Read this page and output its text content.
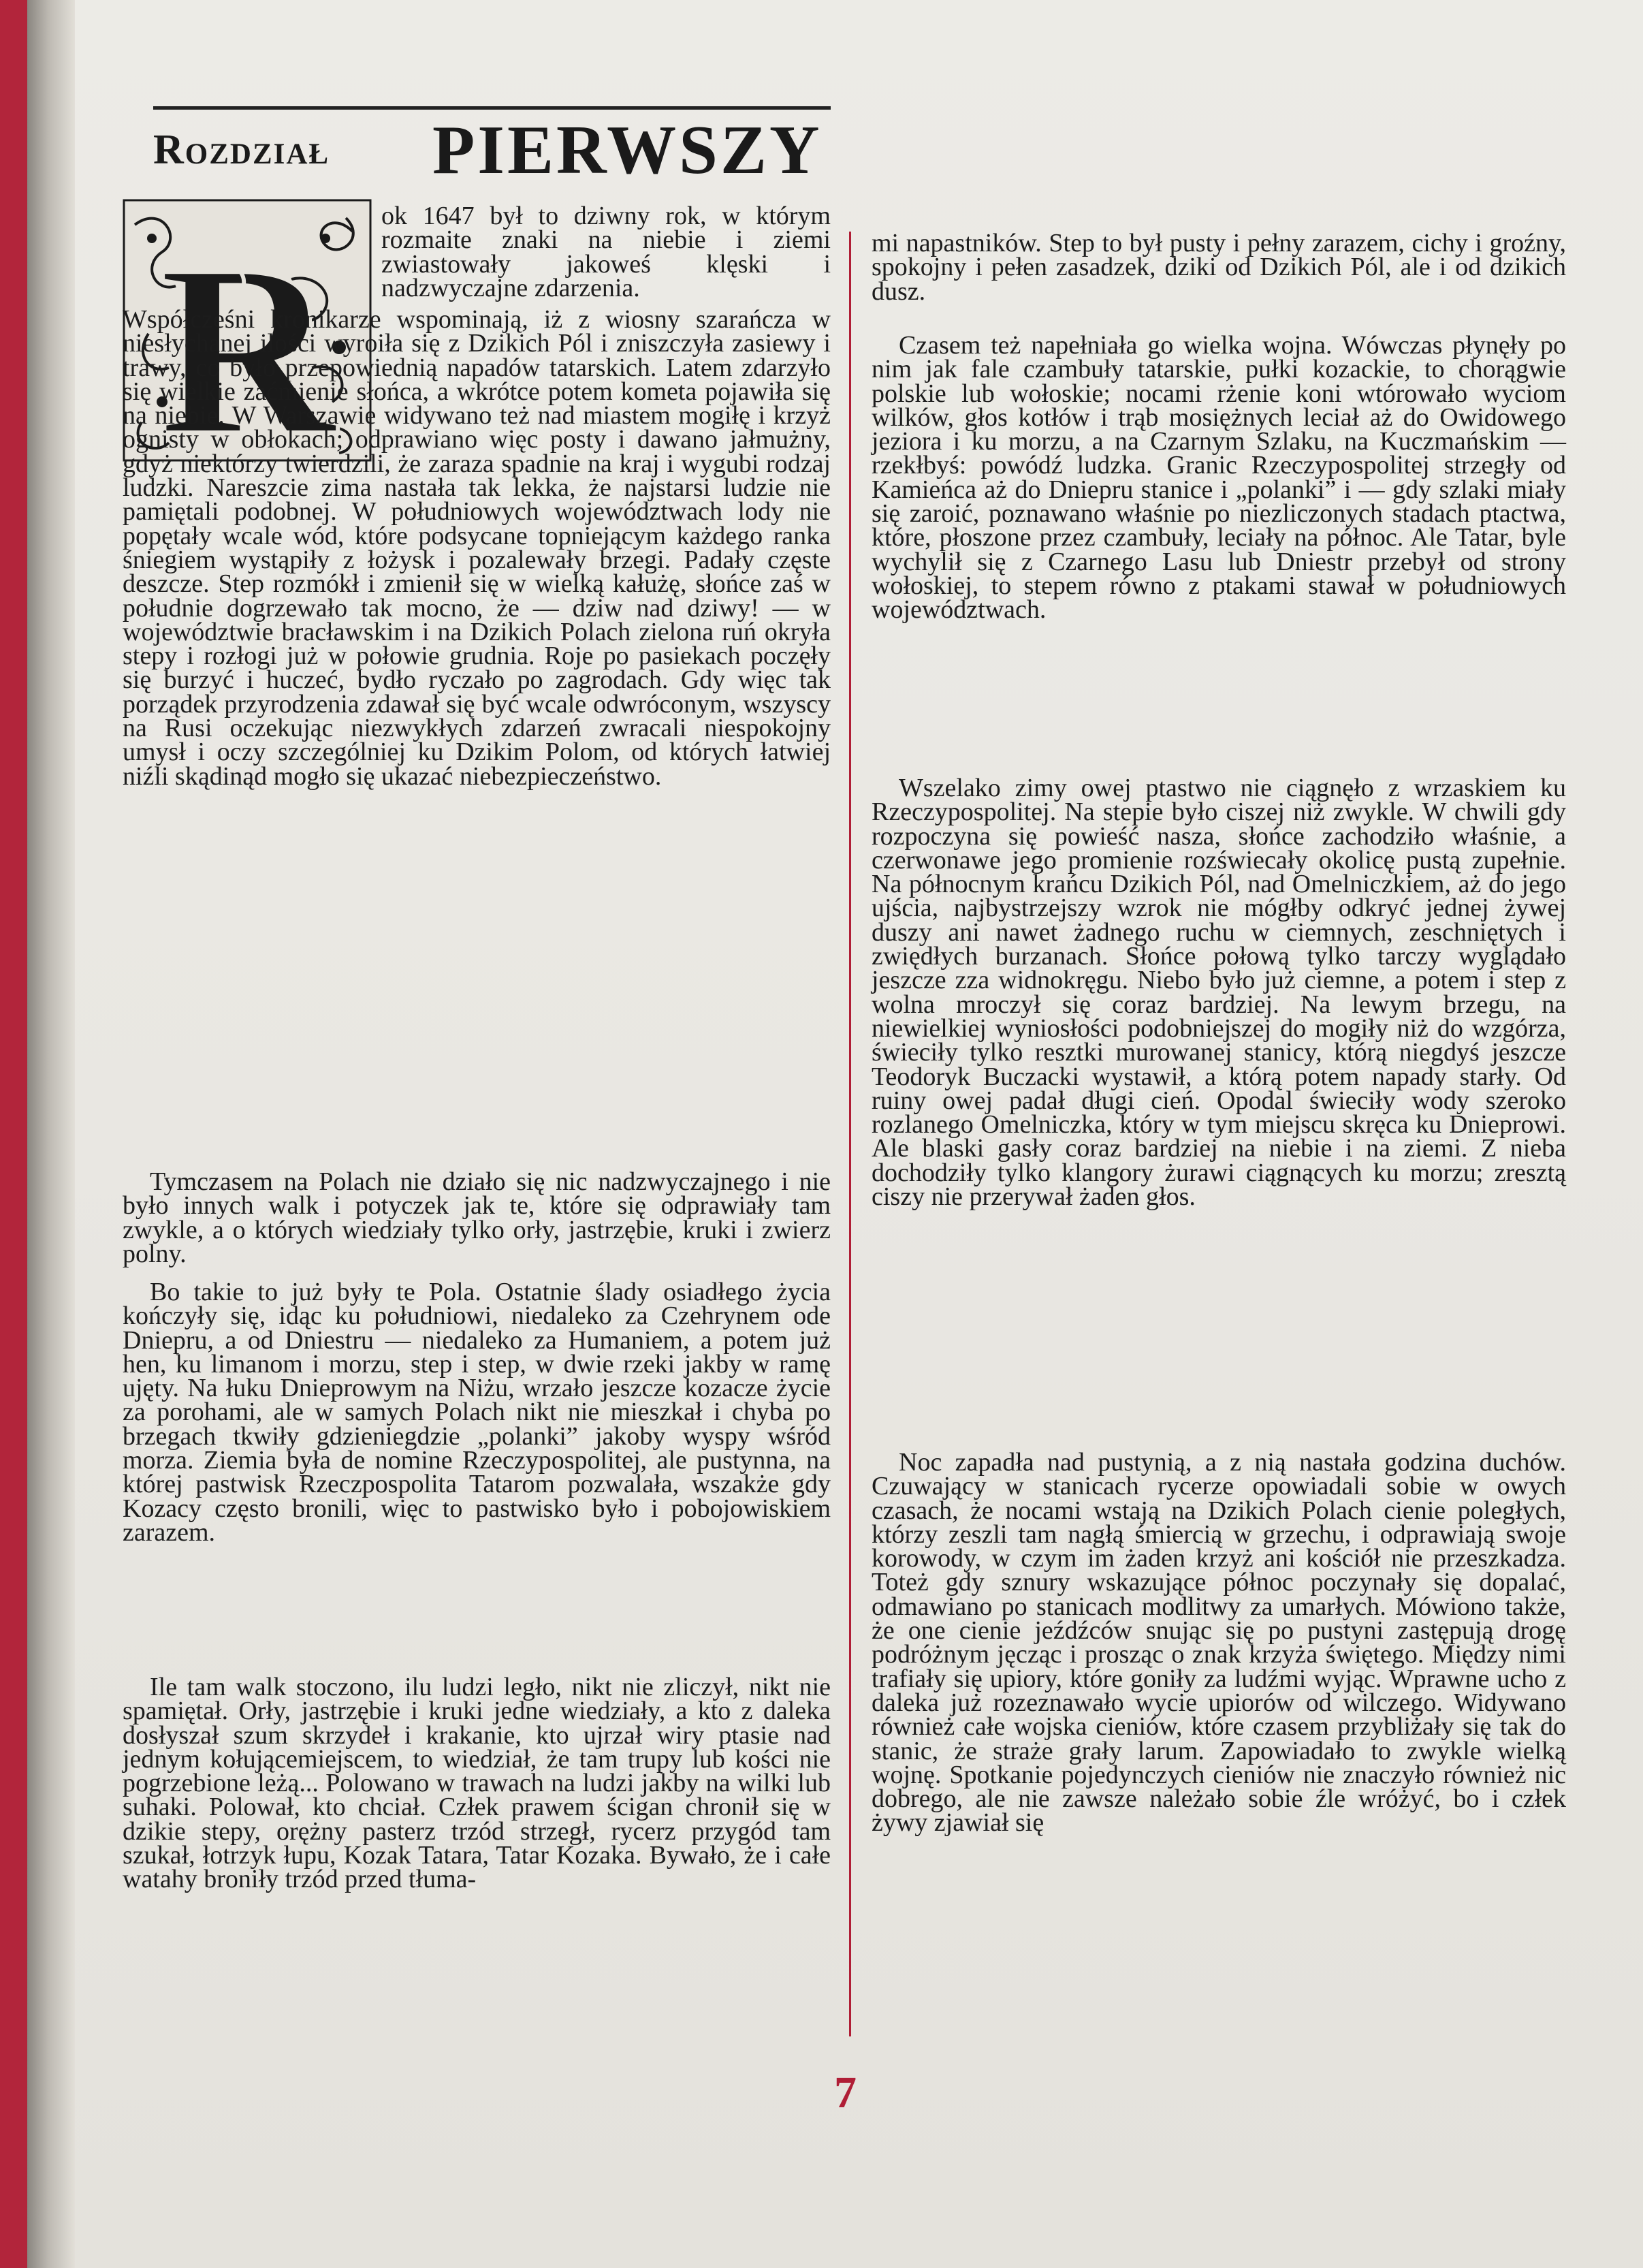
Rozdział PIERWSZY
R ok 1647 był to dziwny rok, w którym rozmaite znaki na niebie i ziemi zwiastowały jakoweś klęski i nadzwyczajne zdarzenia.

Współcześni kronikarze wspominają, iż z wiosny szarańcza w niesłychanej ilości wyroiła się z Dzikich Pól i zniszczyła zasiewy i trawy, co było przepowiednią napadów tatarskich. Latem zdarzyło się wielkie zaćmienie słońca, a wkrótce potem kometa pojawiła się na niebie. W Warszawie widywano też nad miastem mogiłę i krzyż ognisty w obłokach; odprawiano więc posty i dawano jałmużny, gdyż niektórzy twierdzili, że zaraza spadnie na kraj i wygubi rodzaj ludzki. Nareszcie zima nastała tak lekka, że najstarsi ludzie nie pamiętali podobnej. W południowych województwach lody nie popętały wcale wód, które podsycane topniejącym każdego ranka śniegiem wystąpiły z łożysk i pozalewały brzegi. Padały częste deszcze. Step rozmókł i zmienił się w wielką kałużę, słońce zaś w południe dogrzewało tak mocno, że — dziw nad dziwy! — w województwie bracławskim i na Dzikich Polach zielona ruń okryła stepy i rozłogi już w połowie grudnia. Roje po pasiekach poczęły się burzyć i huczeć, bydło ryczało po zagrodach. Gdy więc tak porządek przyrodzenia zdawał się być wcale odwróconym, wszyscy na Rusi oczekując niezwykłych zdarzeń zwracali niespokojny umysł i oczy szczególniej ku Dzikim Polom, od których łatwiej niźli skądinąd mogło się ukazać niebezpieczeństwo.

Tymczasem na Polach nie działo się nic nadzwyczajnego i nie było innych walk i potyczek jak te, które się odprawiały tam zwykle, a o których wiedziały tylko orły, jastrzębie, kruki i zwierz polny.

Bo takie to już były te Pola. Ostatnie ślady osiadłego życia kończyły się, idąc ku południowi, niedaleko za Czehrynem ode Dniepru, a od Dniestru — niedaleko za Humaniem, a potem już hen, ku limanom i morzu, step i step, w dwie rzeki jakby w ramę ujęty. Na łuku Dnieprowym na Niżu, wrzało jeszcze kozacze życie za porohami, ale w samych Polach nikt nie mieszkał i chyba po brzegach tkwiły gdzieniegdzie „polanki” jakoby wyspy wśród morza. Ziemia była de nomine Rzeczypospolitej, ale pustynna, na której pastwisk Rzeczpospolita Tatarom pozwalała, wszakże gdy Kozacy często bronili, więc to pastwisko było i pobojowiskiem zarazem.

Ile tam walk stoczono, ilu ludzi legło, nikt nie zliczył, nikt nie spamiętał. Orły, jastrzębie i kruki jedne wiedziały, a kto z daleka dosłyszał szum skrzydeł i krakanie, kto ujrzał wiry ptasie nad jednym kołującemiejscem, to wiedział, że tam trupy lub kości nie pogrzebione leżą... Polowano w trawach na ludzi jakby na wilki lub suhaki. Polował, kto chciał. Człek prawem ścigan chronił się w dzikie stepy, orężny pasterz trzód strzegł, rycerz przygód tam szukał, łotrzyk łupu, Kozak Tatara, Tatar Kozaka. Bywało, że i całe watahy broniły trzód przed tłuma-

mi napastników. Step to był pusty i pełny zarazem, cichy i groźny, spokojny i pełen zasadzek, dziki od Dzikich Pól, ale i od dzikich dusz.

Czasem też napełniała go wielka wojna. Wówczas płynęły po nim jak fale czambuły tatarskie, pułki kozackie, to chorągwie polskie lub wołoskie; nocami rżenie koni wtórowało wyciom wilków, głos kotłów i trąb mosiężnych leciał aż do Owidowego jeziora i ku morzu, a na Czarnym Szlaku, na Kuczmańskim — rzekłbyś: powódź ludzka. Granic Rzeczypospolitej strzegły od Kamieńca aż do Dniepru stanice i „polanki” i — gdy szlaki miały się zaroić, poznawano właśnie po niezliczonych stadach ptactwa, które, płoszone przez czambuły, leciały na północ. Ale Tatar, byle wychylił się z Czarnego Lasu lub Dniestr przebył od strony wołoskiej, to stepem równo z ptakami stawał w południowych województwach.

Wszelako zimy owej ptastwo nie ciągnęło z wrzaskiem ku Rzeczypospolitej. Na stepie było ciszej niż zwykle. W chwili gdy rozpoczyna się powieść nasza, słońce zachodziło właśnie, a czerwonawe jego promienie rozświecały okolicę pustą zupełnie. Na północnym krańcu Dzikich Pól, nad Omelniczkiem, aż do jego ujścia, najbystrzejszy wzrok nie mógłby odkryć jednej żywej duszy ani nawet żadnego ruchu w ciemnych, zeschniętych i zwiędłych burzanach. Słońce połową tylko tarczy wyglądało jeszcze zza widnokręgu. Niebo było już ciemne, a potem i step z wolna mroczył się coraz bardziej. Na lewym brzegu, na niewielkiej wyniosłości podobniejszej do mogiły niż do wzgórza, świeciły tylko resztki murowanej stanicy, którą niegdyś jeszcze Teodoryk Buczacki wystawił, a którą potem napady starły. Od ruiny owej padał długi cień. Opodal świeciły wody szeroko rozlanego Omelniczka, który w tym miejscu skręca ku Dnieprowi. Ale blaski gasły coraz bardziej na niebie i na ziemi. Z nieba dochodziły tylko klangory żurawi ciągnących ku morzu; zresztą ciszy nie przerywał żaden głos.

Noc zapadła nad pustynią, a z nią nastała godzina duchów. Czuwający w stanicach rycerze opowiadali sobie w owych czasach, że nocami wstają na Dzikich Polach cienie poległych, którzy zeszli tam nagłą śmiercią w grzechu, i odprawiają swoje korowody, w czym im żaden krzyż ani kościół nie przeszkadza. Toteż gdy sznury wskazujące północ poczynały się dopalać, odmawiano po stanicach modlitwy za umarłych. Mówiono także, że one cienie jeźdźców snując się po pustyni zastępują drogę podróżnym jęcząc i prosząc o znak krzyża świętego. Między nimi trafiały się upiory, które goniły za ludźmi wyjąc. Wprawne ucho z daleka już rozeznawało wycie upiorów od wilczego. Widywano również całe wojska cieniów, które czasem przybliżały się tak do stanic, że straże grały larum. Zapowiadało to zwykle wielką wojnę. Spotkanie pojedynczych cieniów nie znaczyło również nic dobrego, ale nie zawsze należało sobie źle wróżyć, bo i człek żywy zjawiał się

7
